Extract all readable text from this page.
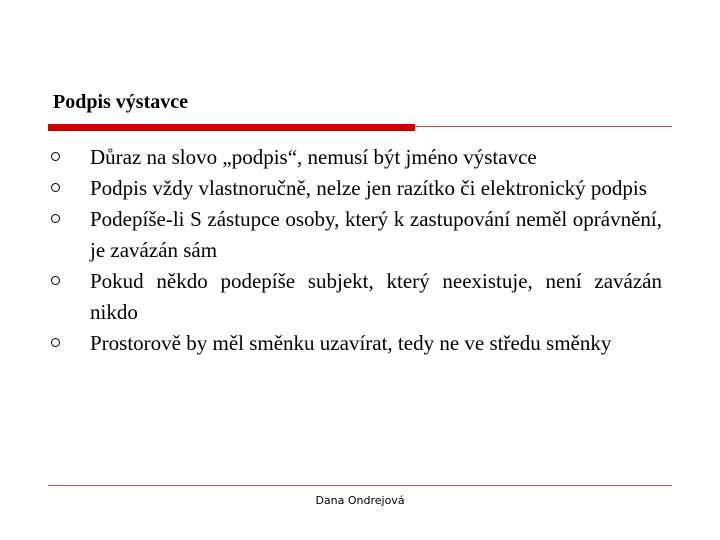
Podpis výstavce
Důraz na slovo „podpis“, nemusí být jméno výstavce
Podpis vždy vlastnoručně, nelze jen razítko či elektronický podpis
Podepíše-li S zástupce osoby, který k zastupování neměl oprávnění, je zavázán sám
Pokud někdo podepíše subjekt, který neexistuje, není zavázán nikdo
Prostorově by měl směnku uzavírat, tedy ne ve středu směnky
Dana Ondrejová
